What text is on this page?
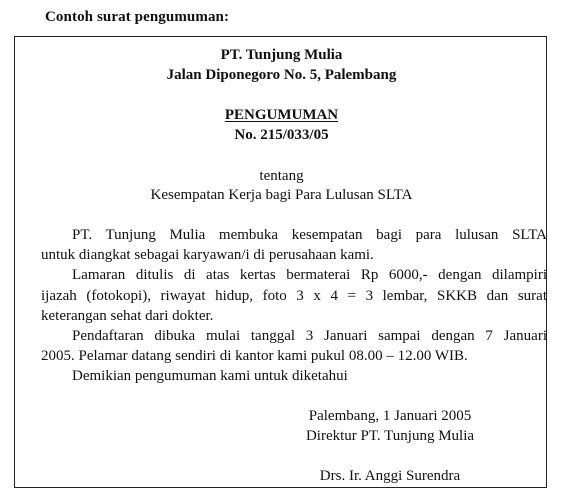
Contoh surat pengumuman:
PT. Tunjung Mulia
Jalan Diponegoro No. 5, Palembang
PENGUMUMAN
No. 215/033/05
tentang
Kesempatan Kerja bagi Para Lulusan SLTA
PT. Tunjung Mulia membuka kesempatan bagi para lulusan SLTA
untuk diangkat sebagai karyawan/i di perusahaan kami.
Lamaran ditulis di atas kertas bermaterai Rp 6000,- dengan dilampiri
ijazah (fotokopi), riwayat hidup, foto 3 x 4 = 3 lembar, SKKB dan surat
keterangan sehat dari dokter.
Pendaftaran dibuka mulai tanggal 3 Januari sampai dengan 7 Januari
2005. Pelamar datang sendiri di kantor kami pukul 08.00 – 12.00 WIB.
Demikian pengumuman kami untuk diketahui
Palembang, 1 Januari 2005
Direktur PT. Tunjung Mulia
Drs. Ir. Anggi Surendra
